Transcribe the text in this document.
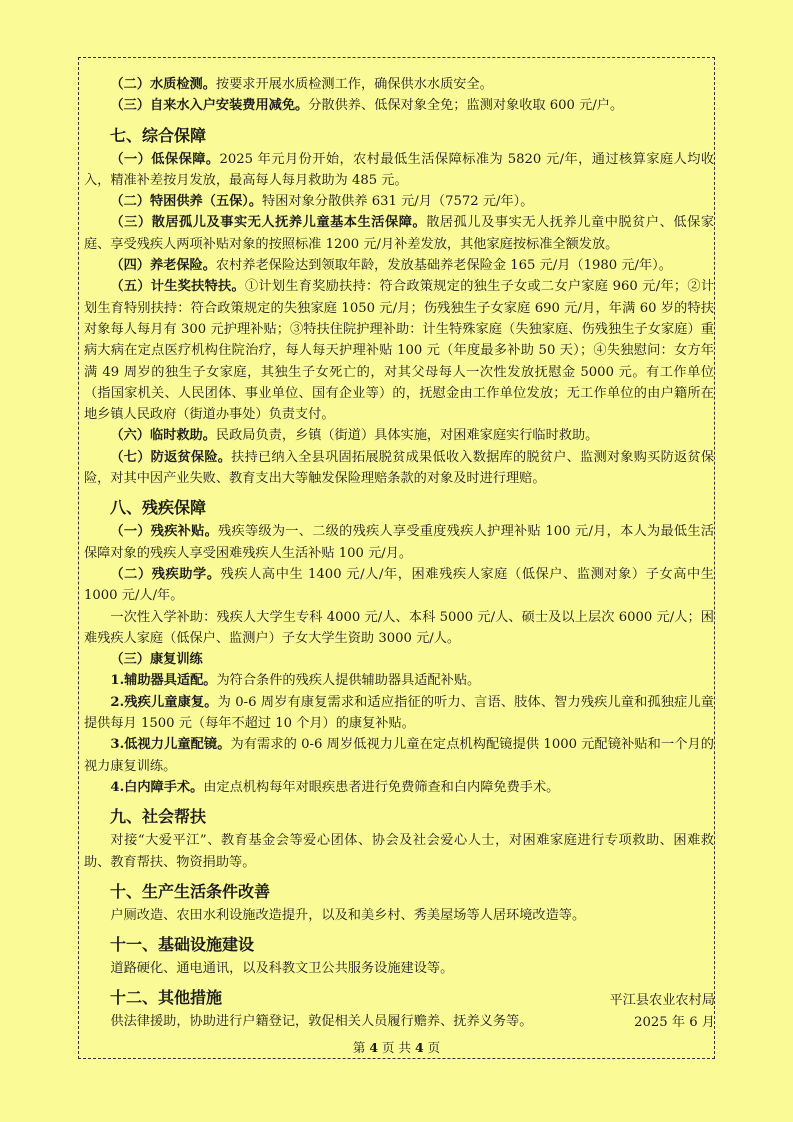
（二）水质检测。按要求开展水质检测工作，确保供水水质安全。

（三）自来水入户安装费用减免。分散供养、低保对象全免；监测对象收取 600 元/户。

七、综合保障

（一）低保保障。2025 年元月份开始，农村最低生活保障标准为 5820 元/年，通过核算家庭人均收入，精准补差按月发放，最高每人每月救助为 485 元。

（二）特困供养（五保）。特困对象分散供养 631 元/月（7572 元/年）。

（三）散居孤儿及事实无人抚养儿童基本生活保障。散居孤儿及事实无人抚养儿童中脱贫户、低保家庭、享受残疾人两项补贴对象的按照标准 1200 元/月补差发放，其他家庭按标准全额发放。

（四）养老保险。农村养老保险达到领取年龄，发放基础养老保险金 165 元/月（1980 元/年）。

（五）计生奖扶特扶。①计划生育奖励扶持：符合政策规定的独生子女或二女户家庭 960 元/年；②计划生育特别扶持：符合政策规定的失独家庭 1050 元/月；伤残独生子女家庭 690 元/月，年满 60 岁的特扶对象每人每月有 300 元护理补贴；③特扶住院护理补助：计生特殊家庭（失独家庭、伤残独生子女家庭）重病大病在定点医疗机构住院治疗，每人每天护理补贴 100 元（年度最多补助 50 天）；④失独慰问：女方年满 49 周岁的独生子女家庭，其独生子女死亡的，对其父母每人一次性发放抚慰金 5000 元。有工作单位（指国家机关、人民团体、事业单位、国有企业等）的，抚慰金由工作单位发放；无工作单位的由户籍所在地乡镇人民政府（街道办事处）负责支付。

（六）临时救助。民政局负责，乡镇（街道）具体实施，对困难家庭实行临时救助。

（七）防返贫保险。扶持已纳入全县巩固拓展脱贫成果低收入数据库的脱贫户、监测对象购买防返贫保险，对其中因产业失败、教育支出大等触发保险理赔条款的对象及时进行理赔。

八、残疾保障

（一）残疾补贴。残疾等级为一、二级的残疾人享受重度残疾人护理补贴 100 元/月，本人为最低生活保障对象的残疾人享受困难残疾人生活补贴 100 元/月。

（二）残疾助学。残疾人高中生 1400 元/人/年，困难残疾人家庭（低保户、监测对象）子女高中生 1000 元/人/年。

一次性入学补助：残疾人大学生专科 4000 元/人、本科 5000 元/人、硕士及以上层次 6000 元/人；困难残疾人家庭（低保户、监测户）子女大学生资助 3000 元/人。

（三）康复训练

1.辅助器具适配。为符合条件的残疾人提供辅助器具适配补贴。

2.残疾儿童康复。为 0-6 周岁有康复需求和适应指征的听力、言语、肢体、智力残疾儿童和孤独症儿童提供每月 1500 元（每年不超过 10 个月）的康复补贴。

3.低视力儿童配镜。为有需求的 0-6 周岁低视力儿童在定点机构配镜提供 1000 元配镜补贴和一个月的视力康复训练。

4.白内障手术。由定点机构每年对眼疾患者进行免费筛查和白内障免费手术。

九、社会帮扶

对接“大爱平江”、教育基金会等爱心团体、协会及社会爱心人士，对困难家庭进行专项救助、困难救助、教育帮扶、物资捐助等。

十、生产生活条件改善

户厕改造、农田水利设施改造提升，以及和美乡村、秀美屋场等人居环境改造等。

十一、基础设施建设

道路硬化、通电通讯，以及科教文卫公共服务设施建设等。

十二、其他措施

供法律援助，协助进行户籍登记，敦促相关人员履行赡养、抚养义务等。

平江县农业农村局
2025 年 6 月
第 4 页 共 4 页
